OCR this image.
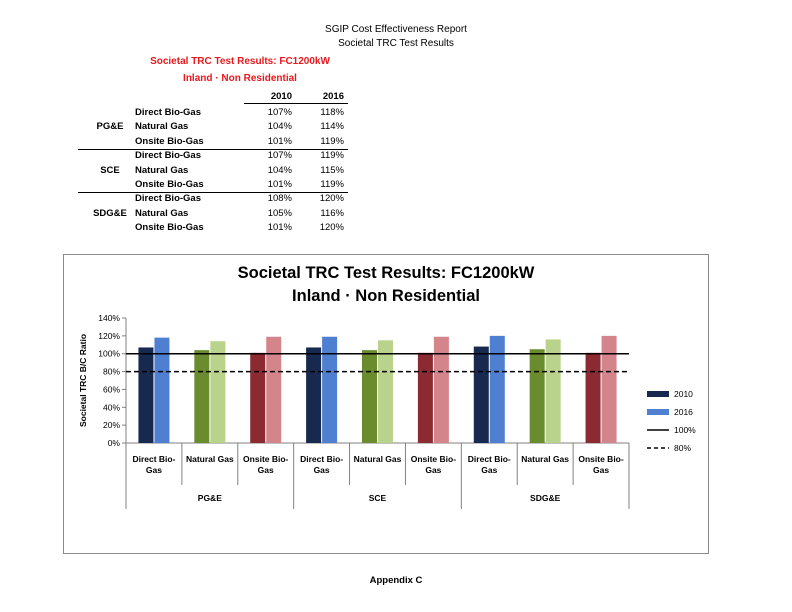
SGIP Cost Effectiveness Report
Societal TRC Test Results
Societal TRC Test Results: FC1200kW
Inland · Non Residential
2010	2016
PG&E
Direct Bio-Gas	107%	118%
Natural Gas	104%	114%
Onsite Bio-Gas	101%	119%
SCE
Direct Bio-Gas	107%	119%
Natural Gas	104%	115%
Onsite Bio-Gas	101%	119%
SDG&E
Direct Bio-Gas	108%	120%
Natural Gas	105%	116%
Onsite Bio-Gas	101%	120%
Societal TRC Test Results: FC1200kW
Inland · Non Residential
Societal TRC B/C Ratio
0%
20%
40%
60%
80%
100%
120%
140%
Direct Bio-
Gas
Natural Gas Onsite Bio-
Gas
Direct Bio-
Gas
Natural Gas Onsite Bio-
Gas
Direct Bio-
Gas
Natural Gas Onsite Bio-
Gas
PG&E	SCE	SDG&E
2010
2016
100%
80%
Appendix C
